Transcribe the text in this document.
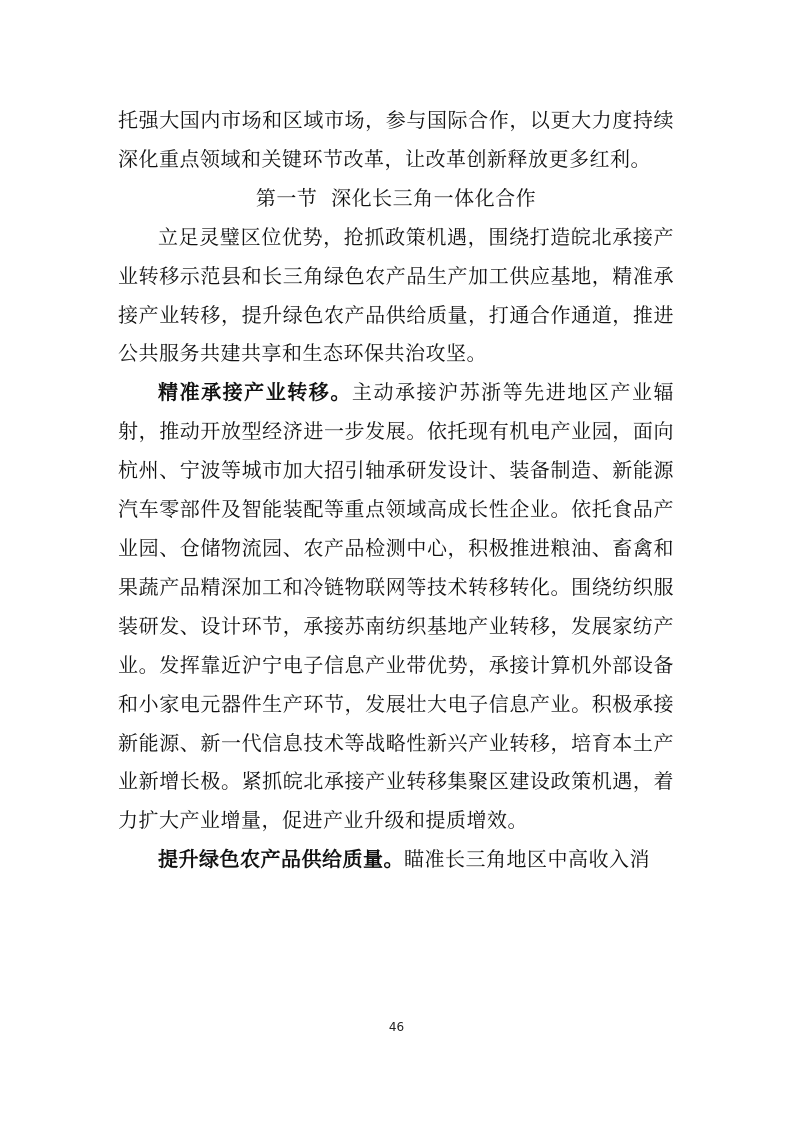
托强大国内市场和区域市场，参与国际合作，以更大力度持续深化重点领域和关键环节改革，让改革创新释放更多红利。

第一节  深化长三角一体化合作

立足灵璧区位优势，抢抓政策机遇，围绕打造皖北承接产业转移示范县和长三角绿色农产品生产加工供应基地，精准承接产业转移，提升绿色农产品供给质量，打通合作通道，推进公共服务共建共享和生态环保共治攻坚。

精准承接产业转移。主动承接沪苏浙等先进地区产业辐射，推动开放型经济进一步发展。依托现有机电产业园，面向杭州、宁波等城市加大招引轴承研发设计、装备制造、新能源汽车零部件及智能装配等重点领域高成长性企业。依托食品产业园、仓储物流园、农产品检测中心，积极推进粮油、畜禽和果蔬产品精深加工和冷链物联网等技术转移转化。围绕纺织服装研发、设计环节，承接苏南纺织基地产业转移，发展家纺产业。发挥靠近沪宁电子信息产业带优势，承接计算机外部设备和小家电元器件生产环节，发展壮大电子信息产业。积极承接新能源、新一代信息技术等战略性新兴产业转移，培育本土产业新增长极。紧抓皖北承接产业转移集聚区建设政策机遇，着力扩大产业增量，促进产业升级和提质增效。

提升绿色农产品供给质量。瞄准长三角地区中高收入消

46
